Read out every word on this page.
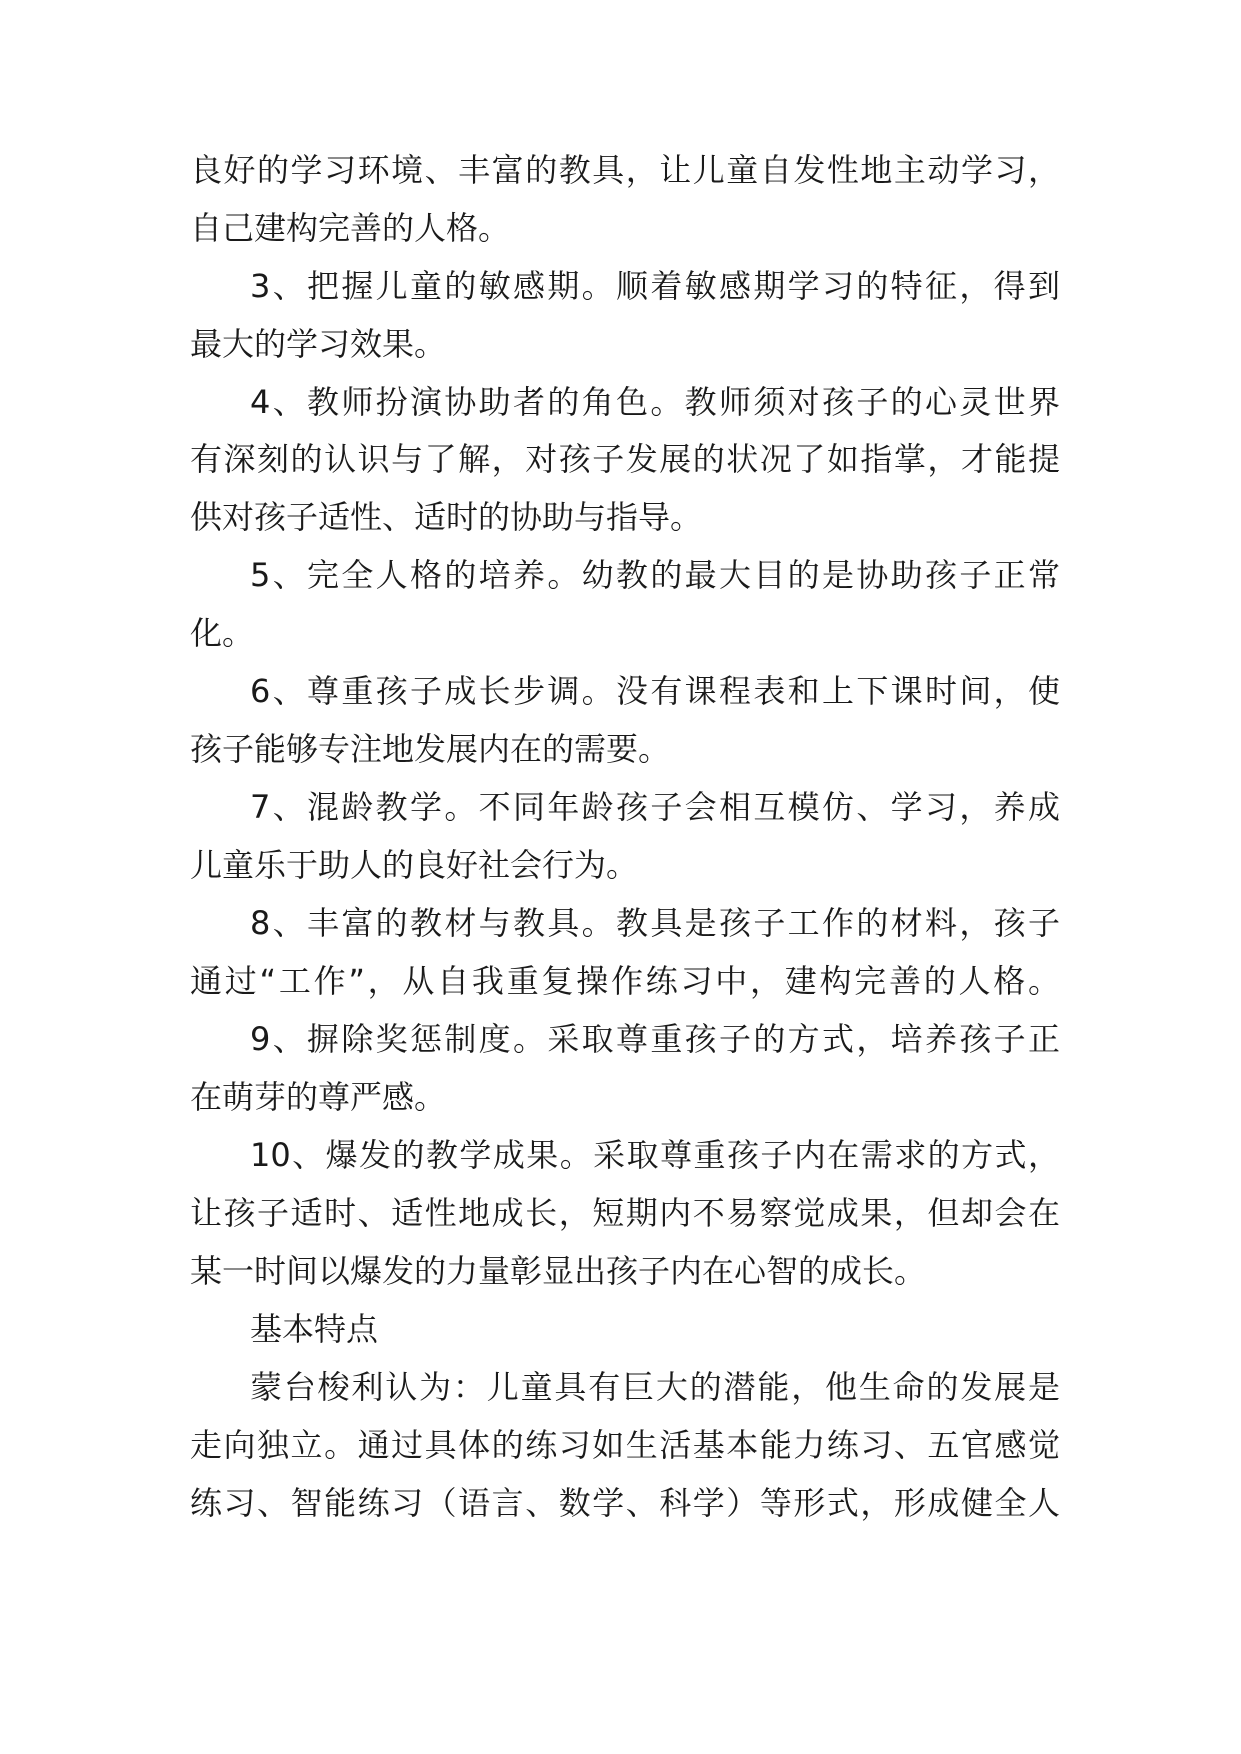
良好的学习环境、丰富的教具，让儿童自发性地主动学习，
自己建构完善的人格。
3、把握儿童的敏感期。顺着敏感期学习的特征，得到
最大的学习效果。
4、教师扮演协助者的角色。教师须对孩子的心灵世界
有深刻的认识与了解，对孩子发展的状况了如指掌，才能提
供对孩子适性、适时的协助与指导。
5、完全人格的培养。幼教的最大目的是协助孩子正常
化。
6、尊重孩子成长步调。没有课程表和上下课时间，使
孩子能够专注地发展内在的需要。
7、混龄教学。不同年龄孩子会相互模仿、学习，养成
儿童乐于助人的良好社会行为。
8、丰富的教材与教具。教具是孩子工作的材料，孩子
通过“工作”，从自我重复操作练习中，建构完善的人格。
9、摒除奖惩制度。采取尊重孩子的方式，培养孩子正
在萌芽的尊严感。
10、爆发的教学成果。采取尊重孩子内在需求的方式，
让孩子适时、适性地成长，短期内不易察觉成果，但却会在
某一时间以爆发的力量彰显出孩子内在心智的成长。
基本特点
蒙台梭利认为：儿童具有巨大的潜能，他生命的发展是
走向独立。通过具体的练习如生活基本能力练习、五官感觉
练习、智能练习（语言、数学、科学）等形式，形成健全人
